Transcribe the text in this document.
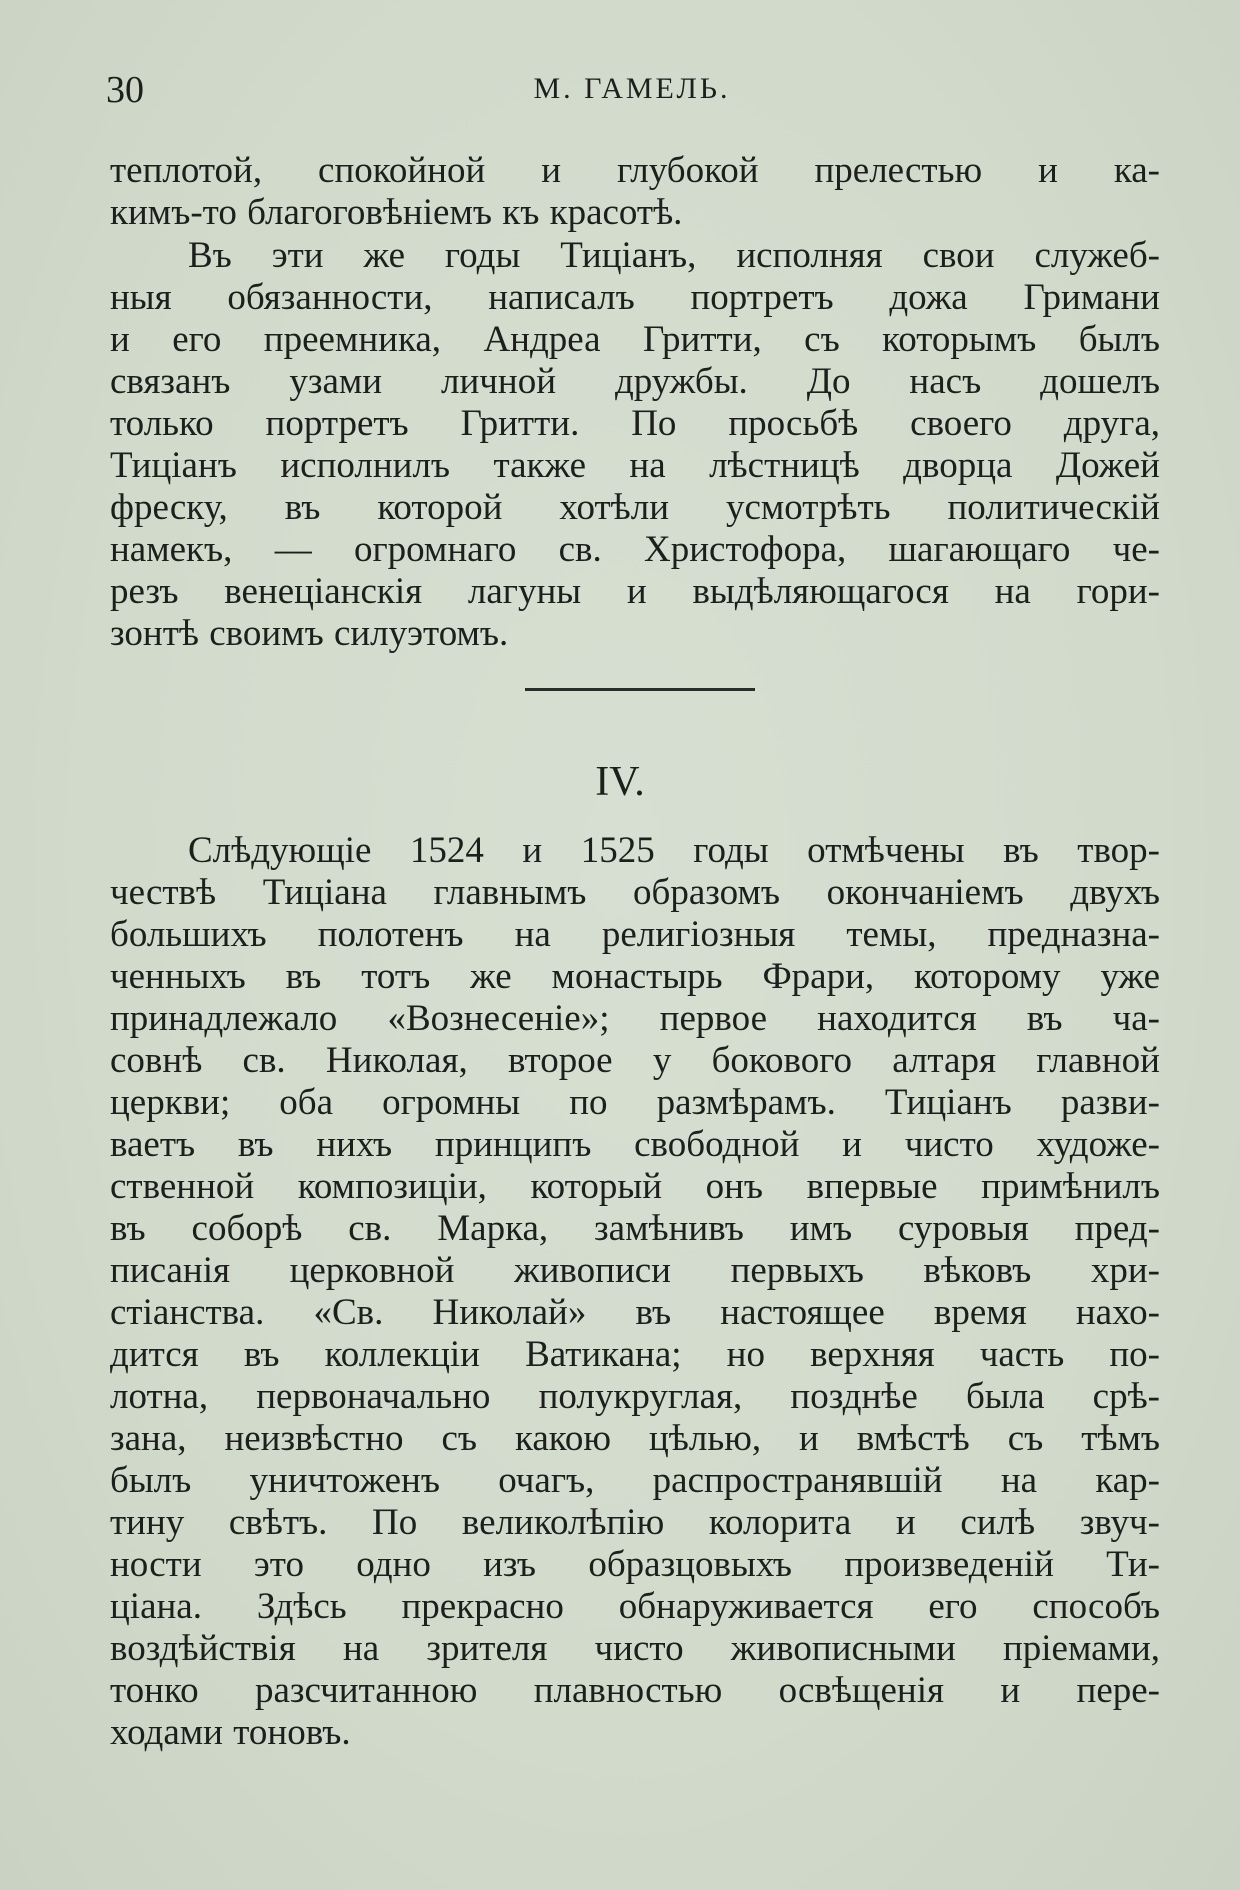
30	М. ГАМЕЛЬ.
теплотой, спокойной и глубокой прелестью и ка-
кимъ-то благоговѣніемъ къ красотѣ.
Въ эти же годы Тиціанъ, исполняя свои служеб-
ныя обязанности, написалъ портретъ дожа Гримани
и его преемника, Андреа Гритти, съ которымъ былъ
связанъ узами личной дружбы. До насъ дошелъ
только портретъ Гритти. По просьбѣ своего друга,
Тиціанъ исполнилъ также на лѣстницѣ дворца Дожей
фреску, въ которой хотѣли усмотрѣть политическій
намекъ, — огромнаго св. Христофора, шагающаго че-
резъ венеціанскія лагуны и выдѣляющагося на гори-
зонтѣ своимъ силуэтомъ.
IV.
Слѣдующіе 1524 и 1525 годы отмѣчены въ твор-
чествѣ Тиціана главнымъ образомъ окончаніемъ двухъ
большихъ полотенъ на религіозныя темы, предназна-
ченныхъ въ тотъ же монастырь Фрари, которому уже
принадлежало «Вознесеніе»; первое находится въ ча-
совнѣ св. Николая, второе у бокового алтаря главной
церкви; оба огромны по размѣрамъ. Тиціанъ разви-
ваетъ въ нихъ принципъ свободной и чисто художе-
ственной композиціи, который онъ впервые примѣнилъ
въ соборѣ св. Марка, замѣнивъ имъ суровыя пред-
писанія церковной живописи первыхъ вѣковъ хри-
стіанства. «Св. Николай» въ настоящее время нахо-
дится въ коллекціи Ватикана; но верхняя часть по-
лотна, первоначально полукруглая, позднѣе была срѣ-
зана, неизвѣстно съ какою цѣлью, и вмѣстѣ съ тѣмъ
былъ уничтоженъ очагъ, распространявшій на кар-
тину свѣтъ. По великолѣпію колорита и силѣ звуч-
ности это одно изъ образцовыхъ произведеній Ти-
ціана. Здѣсь прекрасно обнаруживается его способъ
воздѣйствія на зрителя чисто живописными пріемами,
тонко разсчитанною плавностью освѣщенія и пере-
ходами тоновъ.
